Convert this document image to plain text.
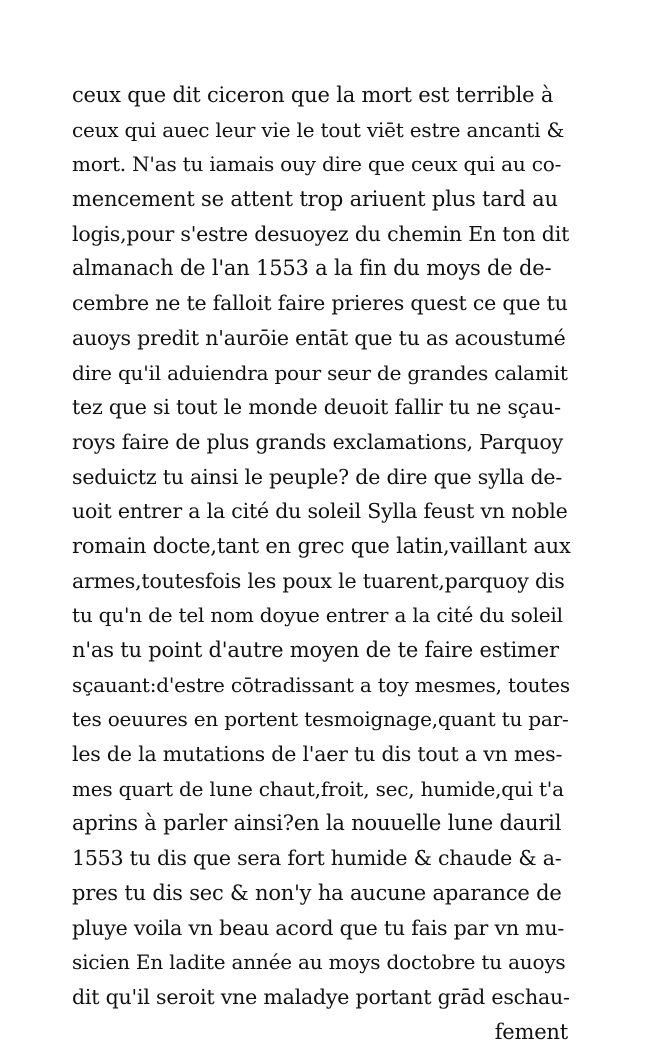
ceux que dit ciceron que la mort est terrible à
ceux qui auec leur vie le tout viēt estre ancanti &
mort. N'as tu iamais ouy dire que ceux qui au co-
mencement se attent trop ariuent plus tard au
logis,pour s'estre desuoyez du chemin En ton dit
almanach de l'an 1553 a la fin du moys de de-
cembre ne te falloit faire prieres quest ce que tu
auoys predit n'aurōie entāt que tu as acoustumé
dire qu'il aduiendra pour seur de grandes calamit
tez que si tout le monde deuoit fallir tu ne sçau-
roys faire de plus grands exclamations, Parquoy
seduictz tu ainsi le peuple? de dire que sylla de-
uoit entrer a la cité du soleil Sylla feust vn noble
romain docte,tant en grec que latin,vaillant aux
armes,toutesfois les poux le tuarent,parquoy dis
tu qu'n de tel nom doyue entrer a la cité du soleil
n'as tu point d'autre moyen de te faire estimer
sçauant:d'estre cōtradissant a toy mesmes, toutes
tes oeuures en portent tesmoignage,quant tu par-
les de la mutations de l'aer tu dis tout a vn mes-
mes quart de lune chaut,froit, sec, humide,qui t'a
aprins à parler ainsi?en la nouuelle lune dauril
1553 tu dis que sera fort humide & chaude & a-
pres tu dis sec & non'y ha aucune aparance de
pluye voila vn beau acord que tu fais par vn mu-
sicien En ladite année au moys doctobre tu auoys
dit qu'il seroit vne maladye portant grād eschau-
fement
